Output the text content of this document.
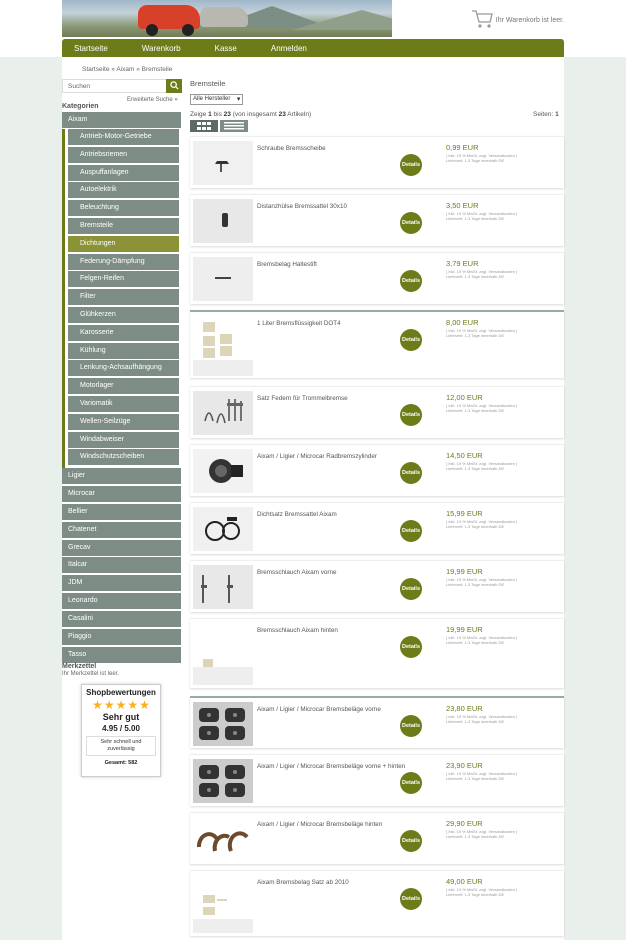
Ihr Warenkorb ist leer.
Startseite	Warenkorb	Kasse	Anmelden
Startseite » Aixam » Bremsteile
Suchen
Erweiterte Suche »
Kategorien
Aixam
Antrieb-Motor-Getriebe
Antriebsriemen
Auspuffanlagen
Autoelektrik
Beleuchtung
Bremsteile
Dichtungen
Federung-Dämpfung
Felgen-Reifen
Filter
Glühkerzen
Karosserie
Kühlung
Lenkung-Achsaufhängung
Motorlager
Variomatik
Wellen-Seilzüge
Windabweiser
Windschutzscheiben
Ligier
Microcar
Bellier
Chatenet
Grecav
Italcar
JDM
Leonardo
Casalini
Piaggio
Tasso
Merkzettel
Ihr Merkzettel ist leer.
Shopbewertungen
★ ★ ★ ★ ★
Sehr gut
4.95 / 5.00
Sehr schnell und zuverlässig
Gesamt: 582
Bremsteile
Alle Hersteller ▾
Zeige 1 bis 23 (von insgesamt 23 Artikeln)	Seiten: 1
Schraube Bremsscheibe
Details
0,99 EUR
( inkl. 19 % MwSt. zzgl. Versandkosten )
Lieferzeit: 1-3 Tage innerhalb DE
Distanzhülse Bremssattel 30x10
Details
3,50 EUR
( inkl. 19 % MwSt. zzgl. Versandkosten )
Lieferzeit: 1-3 Tage innerhalb DE
Bremsbelag Haltestift
Details
3,79 EUR
( inkl. 19 % MwSt. zzgl. Versandkosten )
Lieferzeit: 1-3 Tage innerhalb DE
1 Liter Bremsflüssigkeit DOT4
Details
8,00 EUR
( inkl. 19 % MwSt. zzgl. Versandkosten )
Lieferzeit: 1-3 Tage innerhalb DE
Satz Federn für Trommelbremse
Details
12,00 EUR
( inkl. 19 % MwSt. zzgl. Versandkosten )
Lieferzeit: 1-3 Tage innerhalb DE
Aixam / Ligier / Microcar Radbremszylinder
Details
14,50 EUR
( inkl. 19 % MwSt. zzgl. Versandkosten )
Lieferzeit: 1-3 Tage innerhalb DE
Dichtsatz Bremssattel Aixam
Details
15,99 EUR
( inkl. 19 % MwSt. zzgl. Versandkosten )
Lieferzeit: 1-3 Tage innerhalb DE
Bremsschlauch Aixam vorne
Details
19,99 EUR
( inkl. 19 % MwSt. zzgl. Versandkosten )
Lieferzeit: 1-3 Tage innerhalb DE
Bremsschlauch Aixam hinten
Details
19,99 EUR
( inkl. 19 % MwSt. zzgl. Versandkosten )
Lieferzeit: 1-3 Tage innerhalb DE
Aixam / Ligier / Microcar Bremsbeläge vorne
Details
23,80 EUR
( inkl. 19 % MwSt. zzgl. Versandkosten )
Lieferzeit: 1-3 Tage innerhalb DE
Aixam / Ligier / Microcar Bremsbeläge vorne + hinten
Details
23,90 EUR
( inkl. 19 % MwSt. zzgl. Versandkosten )
Lieferzeit: 1-3 Tage innerhalb DE
Aixam / Ligier / Microcar Bremsbeläge hinten
Details
29,90 EUR
( inkl. 19 % MwSt. zzgl. Versandkosten )
Lieferzeit: 1-3 Tage innerhalb DE
Aixam Bremsbelag Satz ab 2010
Details
49,00 EUR
( inkl. 19 % MwSt. zzgl. Versandkosten )
Lieferzeit: 1-3 Tage innerhalb DE
